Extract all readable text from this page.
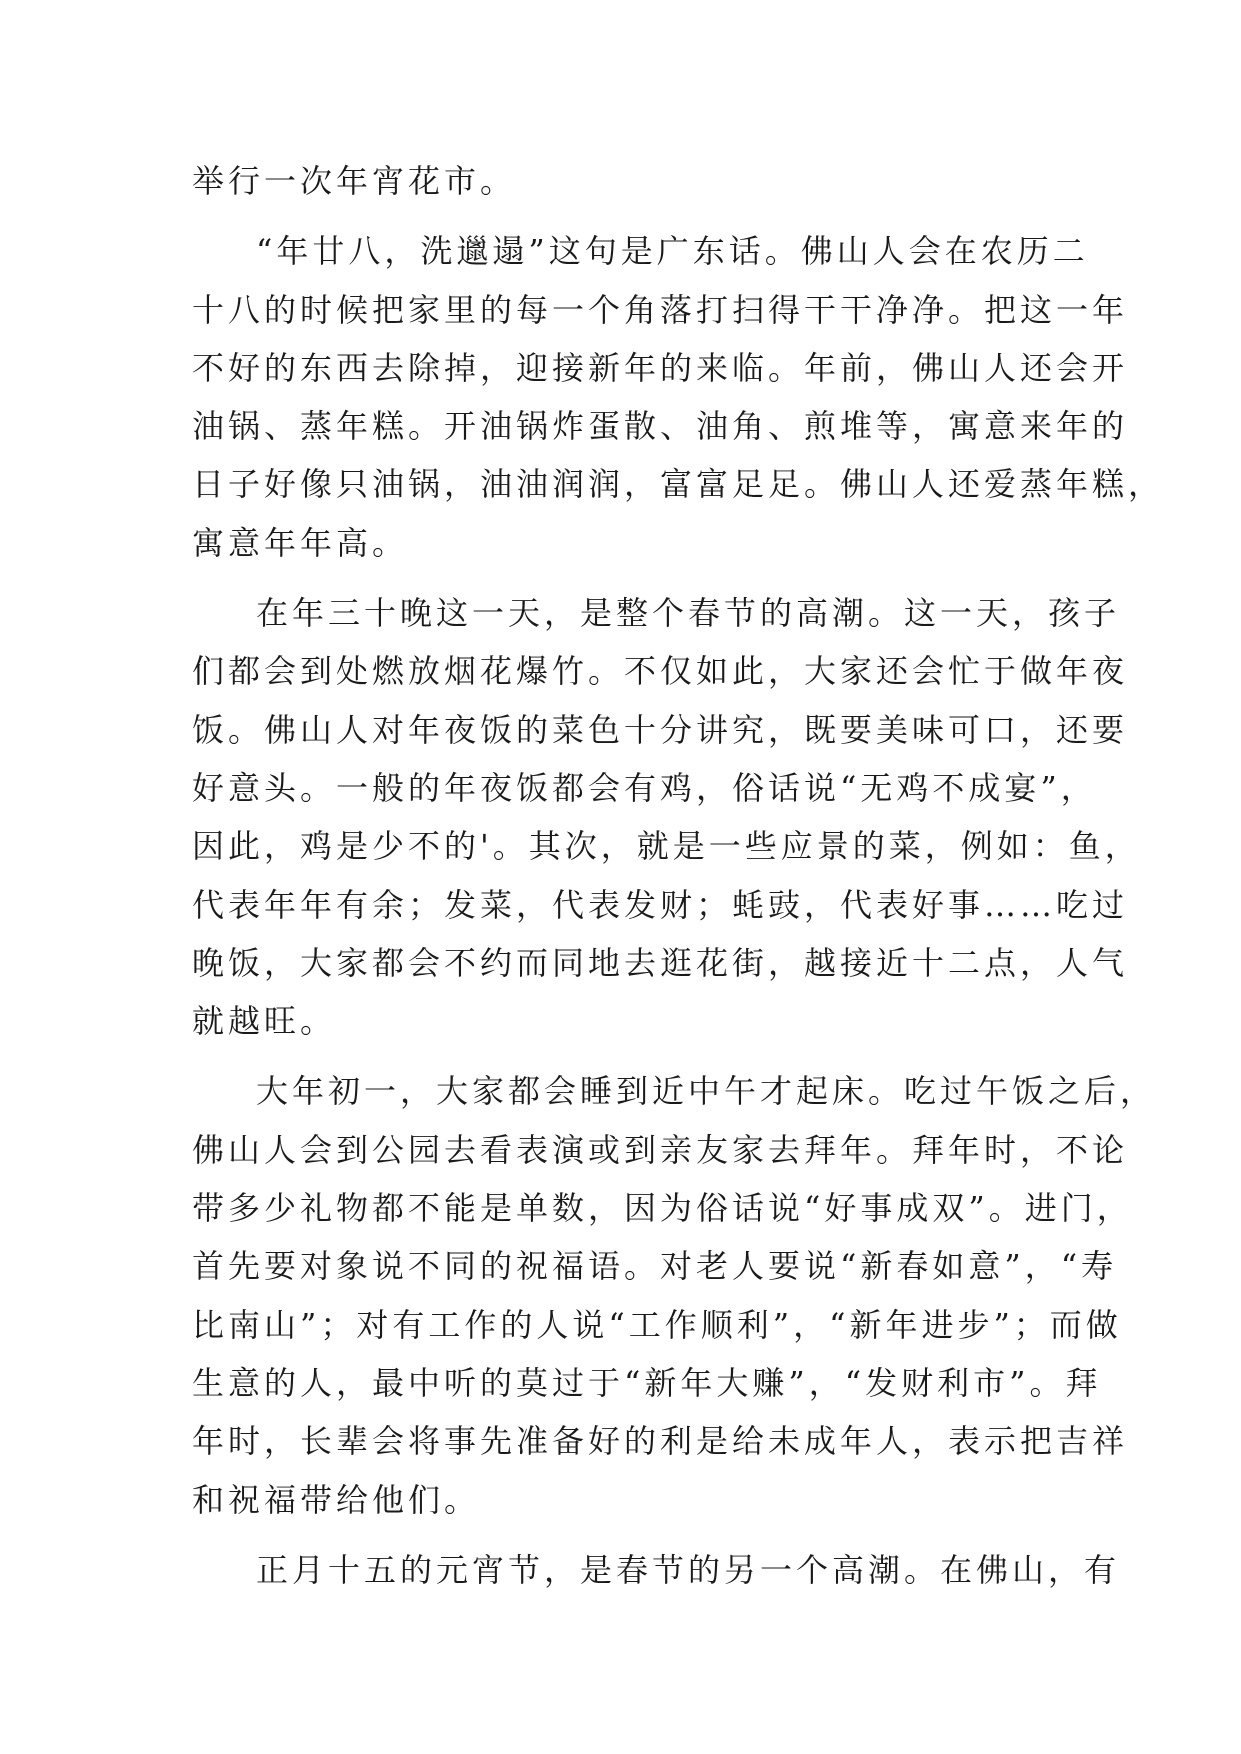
举行一次年宵花市。
“年廿八，洗邋遢”这句是广东话。佛山人会在农历二
十八的时候把家里的每一个角落打扫得干干净净。把这一年
不好的东西去除掉，迎接新年的来临。年前，佛山人还会开
油锅、蒸年糕。开油锅炸蛋散、油角、煎堆等，寓意来年的
日子好像只油锅，油油润润，富富足足。佛山人还爱蒸年糕，
寓意年年高。
在年三十晚这一天，是整个春节的高潮。这一天，孩子
们都会到处燃放烟花爆竹。不仅如此，大家还会忙于做年夜
饭。佛山人对年夜饭的菜色十分讲究，既要美味可口，还要
好意头。一般的年夜饭都会有鸡，俗话说“无鸡不成宴”，
因此，鸡是少不的'。其次，就是一些应景的菜，例如：鱼，
代表年年有余；发菜，代表发财；蚝豉，代表好事……吃过
晚饭，大家都会不约而同地去逛花街，越接近十二点，人气
就越旺。
大年初一，大家都会睡到近中午才起床。吃过午饭之后，
佛山人会到公园去看表演或到亲友家去拜年。拜年时，不论
带多少礼物都不能是单数，因为俗话说“好事成双”。进门，
首先要对象说不同的祝福语。对老人要说“新春如意”，“寿
比南山”；对有工作的人说“工作顺利”，“新年进步”；而做
生意的人，最中听的莫过于“新年大赚”，“发财利市”。拜
年时，长辈会将事先准备好的利是给未成年人，表示把吉祥
和祝福带给他们。
正月十五的元宵节，是春节的另一个高潮。在佛山，有
